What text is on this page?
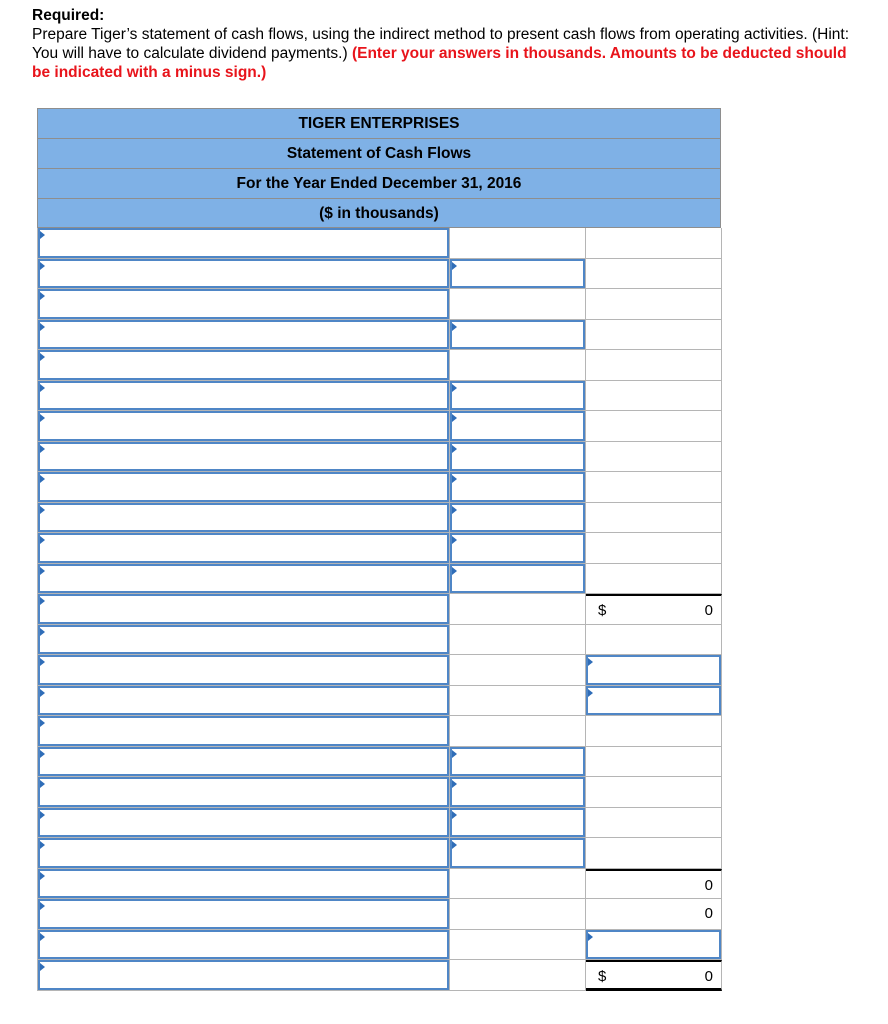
Required:
Prepare Tiger’s statement of cash flows, using the indirect method to present cash flows from operating activities. (Hint: You will have to calculate dividend payments.) (Enter your answers in thousands. Amounts to be deducted should be indicated with a minus sign.)
TIGER ENTERPRISES
Statement of Cash Flows
For the Year Ended December 31, 2016
($ in thousands)
$	0
0
0
$	0
